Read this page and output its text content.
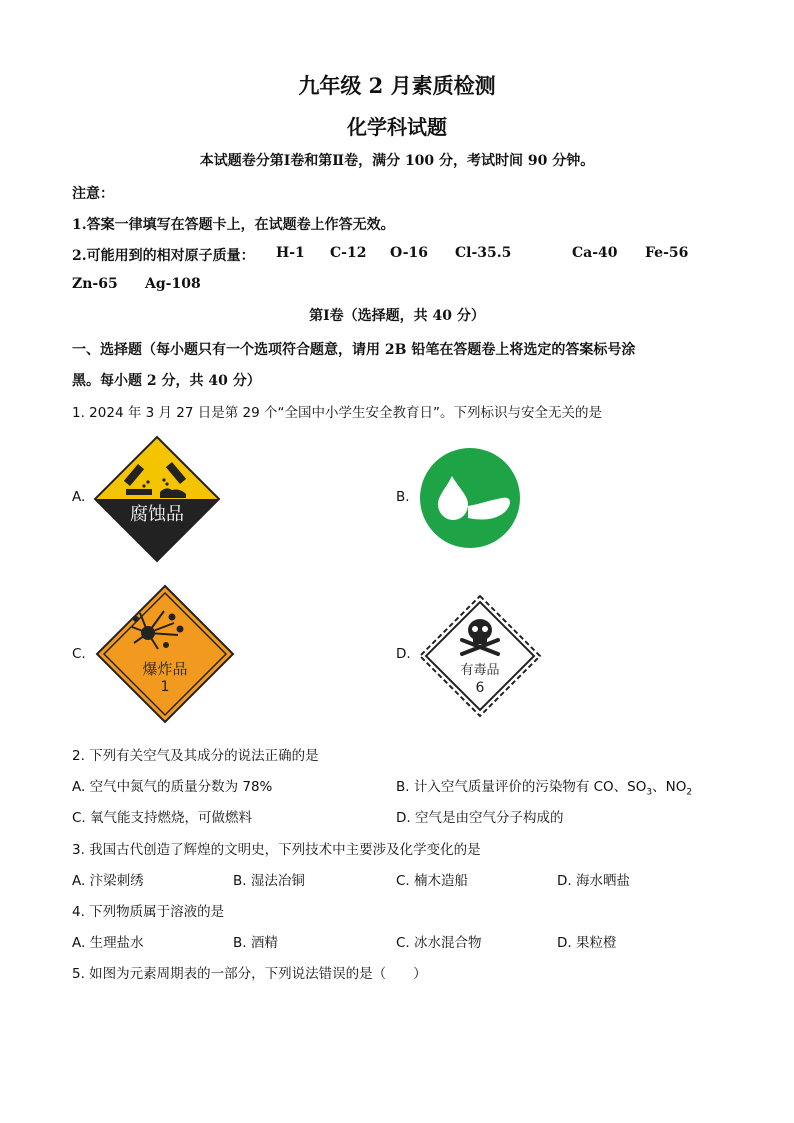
九年级 2 月素质检测
化学科试题
本试题卷分第Ⅰ卷和第Ⅱ卷，满分 100 分，考试时间 90 分钟。
注意：
1.答案一律填写在答题卡上，在试题卷上作答无效。
2.可能用到的相对原子质量： H-1 C-12 O-16 Cl-35.5	Ca-40 Fe-56
Zn-65 Ag-108
第Ⅰ卷（选择题，共 40 分）
一、选择题（每小题只有一个选项符合题意，请用 2B 铅笔在答题卷上将选定的答案标号涂
黑。每小题 2 分，共 40 分）
1. 2024 年 3 月 27 日是第 29 个“全国中小学生安全教育日”。下列标识与安全无关的是
A.
腐蚀品
B.
C.
爆炸品
1
D.
有毒品
6
2. 下列有关空气及其成分的说法正确的是
A. 空气中氮气的质量分数为 78%	B. 计入空气质量评价的污染物有 CO、$SO_3$、$NO_2$
C. 氧气能支持燃烧，可做燃料	D. 空气是由空气分子构成的
3. 我国古代创造了辉煌的文明史，下列技术中主要涉及化学变化的是
A. 汴梁刺绣	B. 湿法冶铜	C. 楠木造船	D. 海水晒盐
4. 下列物质属于溶液的是
A. 生理盐水	B. 酒精	C. 冰水混合物	D. 果粒橙
5. 如图为元素周期表的一部分，下列说法错误的是（　　）
